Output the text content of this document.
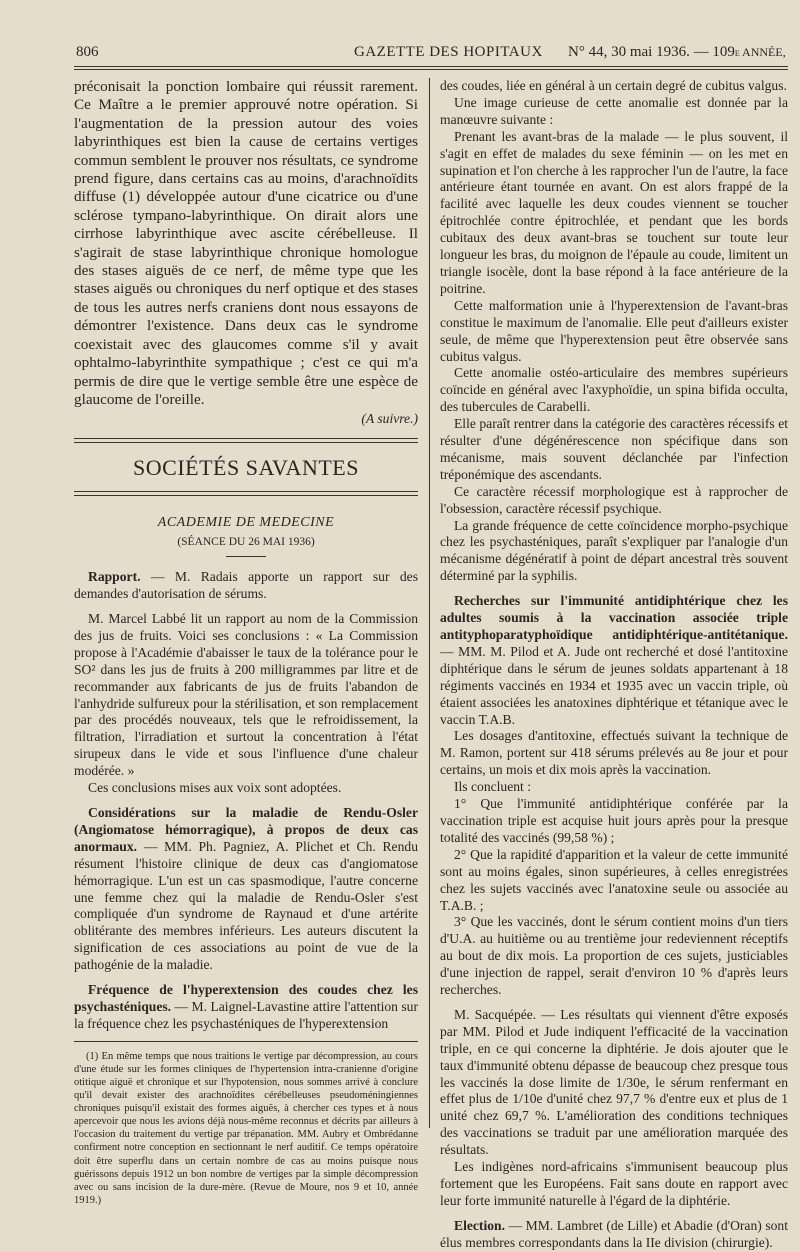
806	GAZETTE DES HOPITAUX N° 44, 30 mai 1936. — 109e ANNÉE,

préconisait la ponction lombaire qui réussit rarement. Ce Maître a le premier approuvé notre opération. Si l'augmentation de la pression autour des voies labyrinthiques est bien la cause de certains vertiges commun semblent le prouver nos résultats, ce syndrome prend figure, dans certains cas au moins, d'arachnoïdits diffuse (1) développée autour d'une cicatrice ou d'une sclérose tympano-labyrinthique. On dirait alors une cirrhose labyrinthique avec ascite cérébelleuse. Il s'agirait de stase labyrinthique chronique homologue des stases aiguës de ce nerf, de même type que les stases aiguës ou chroniques du nerf optique et des stases de tous les autres nerfs craniens dont nous essayons de démontrer l'existence. Dans deux cas le syndrome coexistait avec des glaucomes comme s'il y avait ophtalmo-labyrinthite sympathique ; c'est ce qui m'a permis de dire que le vertige semble être une espèce de glaucome de l'oreille.

(A suivre.)
SOCIÉTÉS SAVANTES
ACADEMIE DE MEDECINE
(SÉANCE DU 26 MAI 1936)

Rapport. — M. Radais apporte un rapport sur des demandes d'autorisation de sérums.

M. Marcel Labbé lit un rapport au nom de la Commission des jus de fruits. Voici ses conclusions : « La Commission propose à l'Académie d'abaisser le taux de la tolérance pour le SO² dans les jus de fruits à 200 milligrammes par litre et de recommander aux fabricants de jus de fruits l'abandon de l'anhydride sulfureux pour la stérilisation, et son remplacement par des procédés nouveaux, tels que le refroidissement, la filtration, l'irradiation et surtout la concentration à l'état sirupeux dans le vide et sous l'influence d'une chaleur modérée. »

Ces conclusions mises aux voix sont adoptées.

Considérations sur la maladie de Rendu-Osler (Angiomatose hémorragique), à propos de deux cas anormaux. — MM. Ph. Pagniez, A. Plichet et Ch. Rendu résument l'histoire clinique de deux cas d'angiomatose hémorragique. L'un est un cas spasmodique, l'autre concerne une femme chez qui la maladie de Rendu-Osler s'est compliquée d'un syndrome de Raynaud et d'une artérite oblitérante des membres inférieurs. Les auteurs discutent la signification de ces associations au point de vue de la pathogénie de la maladie.

Fréquence de l'hyperextension des coudes chez les psychasténiques. — M. Laignel-Lavastine attire l'attention sur la fréquence chez les psychasténiques de l'hyperextension

(1) En même temps que nous traitions le vertige par décompression, au cours d'une étude sur les formes cliniques de l'hypertension intra-cranienne d'origine otitique aiguë et chronique et sur l'hypotension, nous sommes arrivé à conclure qu'il devait exister des arachnoïdites cérébelleuses pseudoméningiennes chroniques puisqu'il existait des formes aiguës, à chercher ces types et à nous apercevoir que nous les avions déjà nous-même reconnus et décrits par ailleurs à l'occasion du traitement du vertige par trépanation. MM. Aubry et Ombrédanne confirment notre conception en sectionnant le nerf auditif. Ce temps opératoire doit être superflu dans un certain nombre de cas au moins puisque nous guérissons depuis 1912 un bon nombre de vertiges par la simple décompression avec ou sans incision de la dure-mère. (Revue de Moure, nos 9 et 10, année 1919.)

des coudes, liée en général à un certain degré de cubitus valgus.

Une image curieuse de cette anomalie est donnée par la manœuvre suivante :

Prenant les avant-bras de la malade — le plus souvent, il s'agit en effet de malades du sexe féminin — on les met en supination et l'on cherche à les rapprocher l'un de l'autre, la face antérieure étant tournée en avant. On est alors frappé de la facilité avec laquelle les deux coudes viennent se toucher épitrochlée contre épitrochlée, et pendant que les bords cubitaux des deux avant-bras se touchent sur toute leur longueur les bras, du moignon de l'épaule au coude, limitent un triangle isocèle, dont la base répond à la face antérieure de la poitrine.

Cette malformation unie à l'hyperextension de l'avant-bras constitue le maximum de l'anomalie. Elle peut d'ailleurs exister seule, de même que l'hyperextension peut être observée sans cubitus valgus.

Cette anomalie ostéo-articulaire des membres supérieurs coïncide en général avec l'axyphoïdie, un spina bifida occulta, des tubercules de Carabelli.

Elle paraît rentrer dans la catégorie des caractères récessifs et résulter d'une dégénérescence non spécifique dans son mécanisme, mais souvent déclanchée par l'infection tréponémique des ascendants.

Ce caractère récessif morphologique est à rapprocher de l'obsession, caractère récessif psychique.

La grande fréquence de cette coïncidence morpho-psychique chez les psychasténiques, paraît s'expliquer par l'analogie d'un mécanisme dégénératif à point de départ ancestral très souvent déterminé par la syphilis.

Recherches sur l'immunité antidiphtérique chez les adultes soumis à la vaccination associée triple antityphoparatyphoïdique antidiphtérique-antitétanique. — MM. M. Pilod et A. Jude ont recherché et dosé l'antitoxine diphtérique dans le sérum de jeunes soldats appartenant à 18 régiments vaccinés en 1934 et 1935 avec un vaccin triple, où étaient associées les anatoxines diphtérique et tétanique avec le vaccin T.A.B.

Les dosages d'antitoxine, effectués suivant la technique de M. Ramon, portent sur 418 sérums prélevés au 8e jour et pour certains, un mois et dix mois après la vaccination.

Ils concluent :

1° Que l'immunité antidiphtérique conférée par la vaccination triple est acquise huit jours après pour la presque totalité des vaccinés (99,58 %) ;

2° Que la rapidité d'apparition et la valeur de cette immunité sont au moins égales, sinon supérieures, à celles enregistrées chez les sujets vaccinés avec l'anatoxine seule ou associée au T.A.B. ;

3° Que les vaccinés, dont le sérum contient moins d'un tiers d'U.A. au huitième ou au trentième jour redeviennent réceptifs au bout de dix mois. La proportion de ces sujets, justiciables d'une injection de rappel, serait d'environ 10 % d'après leurs recherches.

M. Sacquépée. — Les résultats qui viennent d'être exposés par MM. Pilod et Jude indiquent l'efficacité de la vaccination triple, en ce qui concerne la diphtérie. Je dois ajouter que le taux d'immunité obtenu dépasse de beaucoup chez presque tous les vaccinés la dose limite de 1/30e, le sérum renfermant en effet plus de 1/10e d'unité chez 97,7 % d'entre eux et plus de 1 unité chez 69,7 %. L'amélioration des conditions techniques des vaccinations se traduit par une amélioration marquée des résultats.

Les indigènes nord-africains s'immunisent beaucoup plus fortement que les Européens. Fait sans doute en rapport avec leur forte immunité naturelle à l'égard de la diphtérie.

Election. — MM. Lambret (de Lille) et Abadie (d'Oran) sont élus membres correspondants dans la IIe division (chirurgie).
